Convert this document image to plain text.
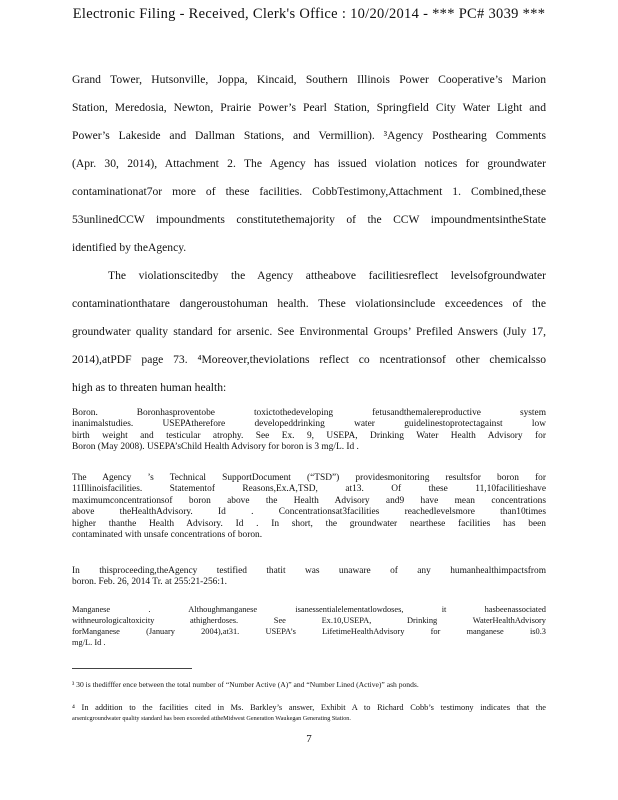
Electronic Filing - Received, Clerk's Office : 10/20/2014 - *** PC# 3039 ***
Grand Tower, Hutsonville, Joppa, Kincaid, Southern Illinois Power Cooperative’s Marion
Station, Meredosia, Newton, Prairie Power’s Pearl Station, Springfield City Water Light and
Power’s Lakeside and Dallman Stations, and Vermillion). ³Agency Posthearing Comments
(Apr. 30, 2014), Attachment 2. The Agency has issued violation notices for groundwater
contaminationat7or more of these facilities. CobbTestimony,Attachment 1. Combined,these
53unlinedCCW impoundments constitutethemajority of the CCW impoundmentsintheState
identified by theAgency.
The violationscitedby the Agency attheabove facilitiesreflect levelsofgroundwater
contaminationthatare dangeroustohuman health. These violationsinclude exceedences of the
groundwater quality standard for arsenic. See Environmental Groups’ Prefiled Answers (July 17,
2014),atPDF page 73. ⁴Moreover,theviolations reflect co ncentrationsof other chemicalsso
high as to threaten human health:
Boron. Boronhasproventobe toxictothedeveloping fetusandthemalereproductive system
inanimalstudies. USEPAtherefore developeddrinking water guidelinestoprotectagainst low
birth weight and testicular atrophy. See Ex. 9, USEPA, Drinking Water Health Advisory for
Boron (May 2008). USEPA’sChild Health Advisory for boron is 3 mg/L. Id .
The Agency ’s Technical SupportDocument (“TSD”) providesmonitoring resultsfor boron for
11Illinoisfacilities. Statementof Reasons,Ex.A,TSD, at13. Of these 11,10facilitieshave
maximumconcentrationsof boron above the Health Advisory and9 have mean concentrations
above theHealthAdvisory. Id . Concentrationsat3facilities reachedlevelsmore than10times
higher thanthe Health Advisory. Id . In short, the groundwater nearthese facilities has been
contaminated with unsafe concentrations of boron.
In thisproceeding,theAgency testified thatit was unaware of any humanhealthimpactsfrom
boron. Feb. 26, 2014 Tr. at 255:21-256:1.
Manganese . Althoughmanganese isanessentialelementatlowdoses, it hasbeenassociated
withneurologicaltoxicity athigherdoses. See Ex.10,USEPA, Drinking WaterHealthAdvisory
forManganese (January 2004),at31. USEPA’s LifetimeHealthAdvisory for manganese is0.3
mg/L. Id .
³ 30 is thedifffer ence between the total number of “Number Active (A)” and “Number Lined (Active)” ash ponds.
⁴ In addition to the facilities cited in Ms. Barkley’s answer, Exhibit A to Richard Cobb’s testimony indicates that the
arsenicgroundwater quality standard has been exceeded attheMidwest Generation Waukegan Generating Station.
7
